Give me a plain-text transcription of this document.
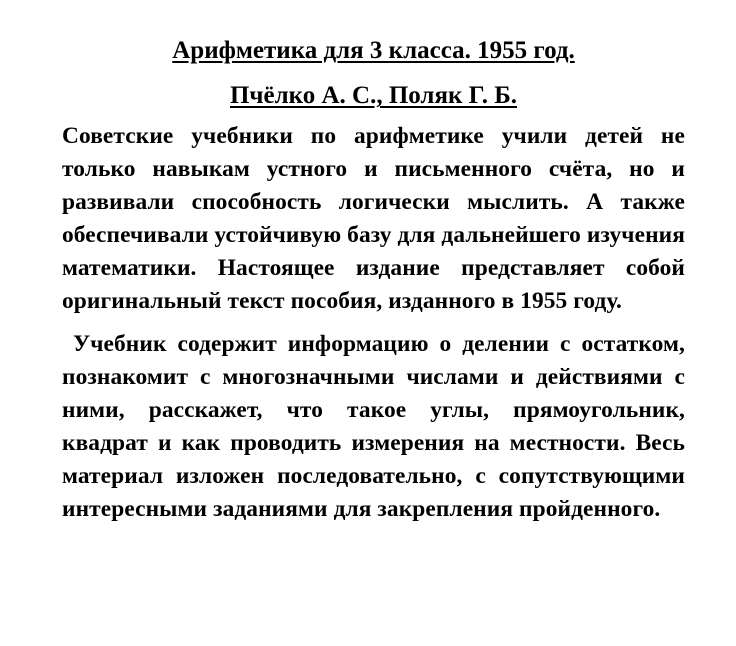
Арифметика для 3 класса. 1955 год.
Пчёлко А. С., Поляк Г. Б.

Советские учебники по арифметике учили детей не только навыкам устного и письменного счёта, но и развивали способность логически мыслить. А также обеспечивали устойчивую базу для дальнейшего изучения математики. Настоящее издание представляет собой оригинальный текст пособия, изданного в 1955 году.

Учебник содержит информацию о делении с остатком, познакомит с многозначными числами и действиями с ними, расскажет, что такое углы, прямоугольник, квадрат и как проводить измерения на местности. Весь материал изложен последовательно, с сопутствующими интересными заданиями для закрепления пройденного.
